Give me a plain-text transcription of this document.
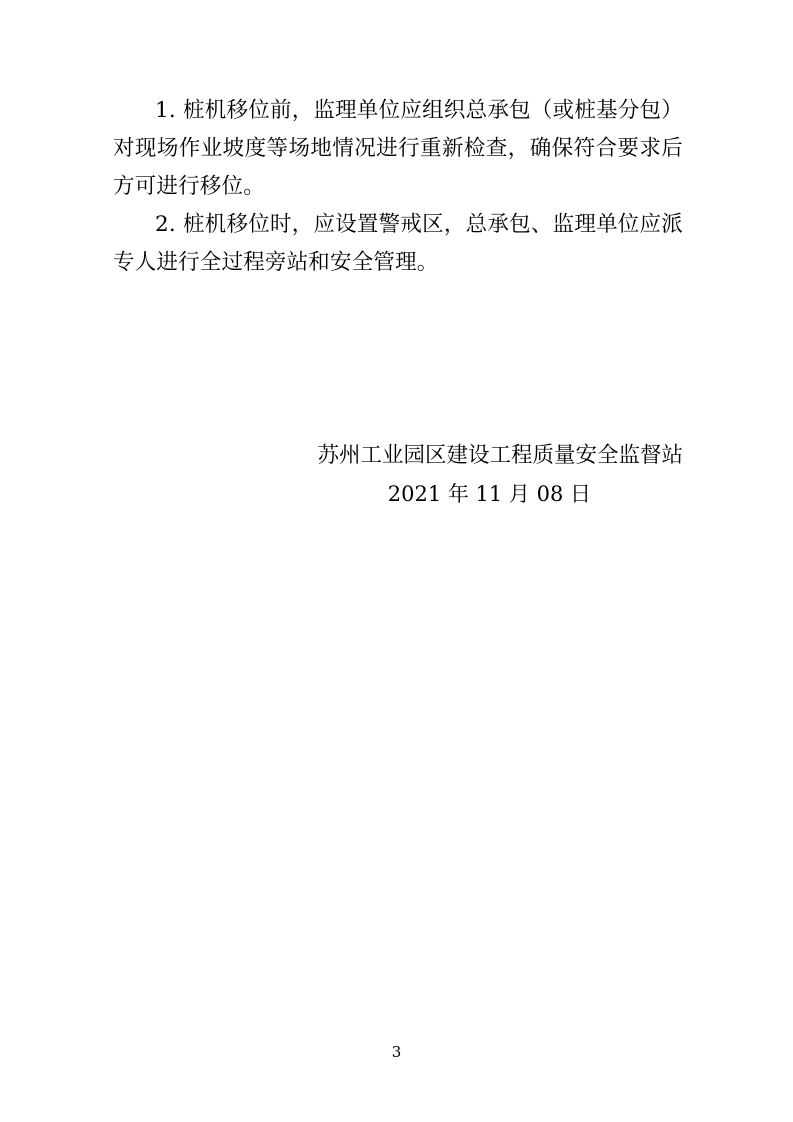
1. 桩机移位前，监理单位应组织总承包（或桩基分包）对现场作业坡度等场地情况进行重新检查，确保符合要求后方可进行移位。

2. 桩机移位时，应设置警戒区，总承包、监理单位应派专人进行全过程旁站和安全管理。

苏州工业园区建设工程质量安全监督站
2021 年 11 月 08 日
3
